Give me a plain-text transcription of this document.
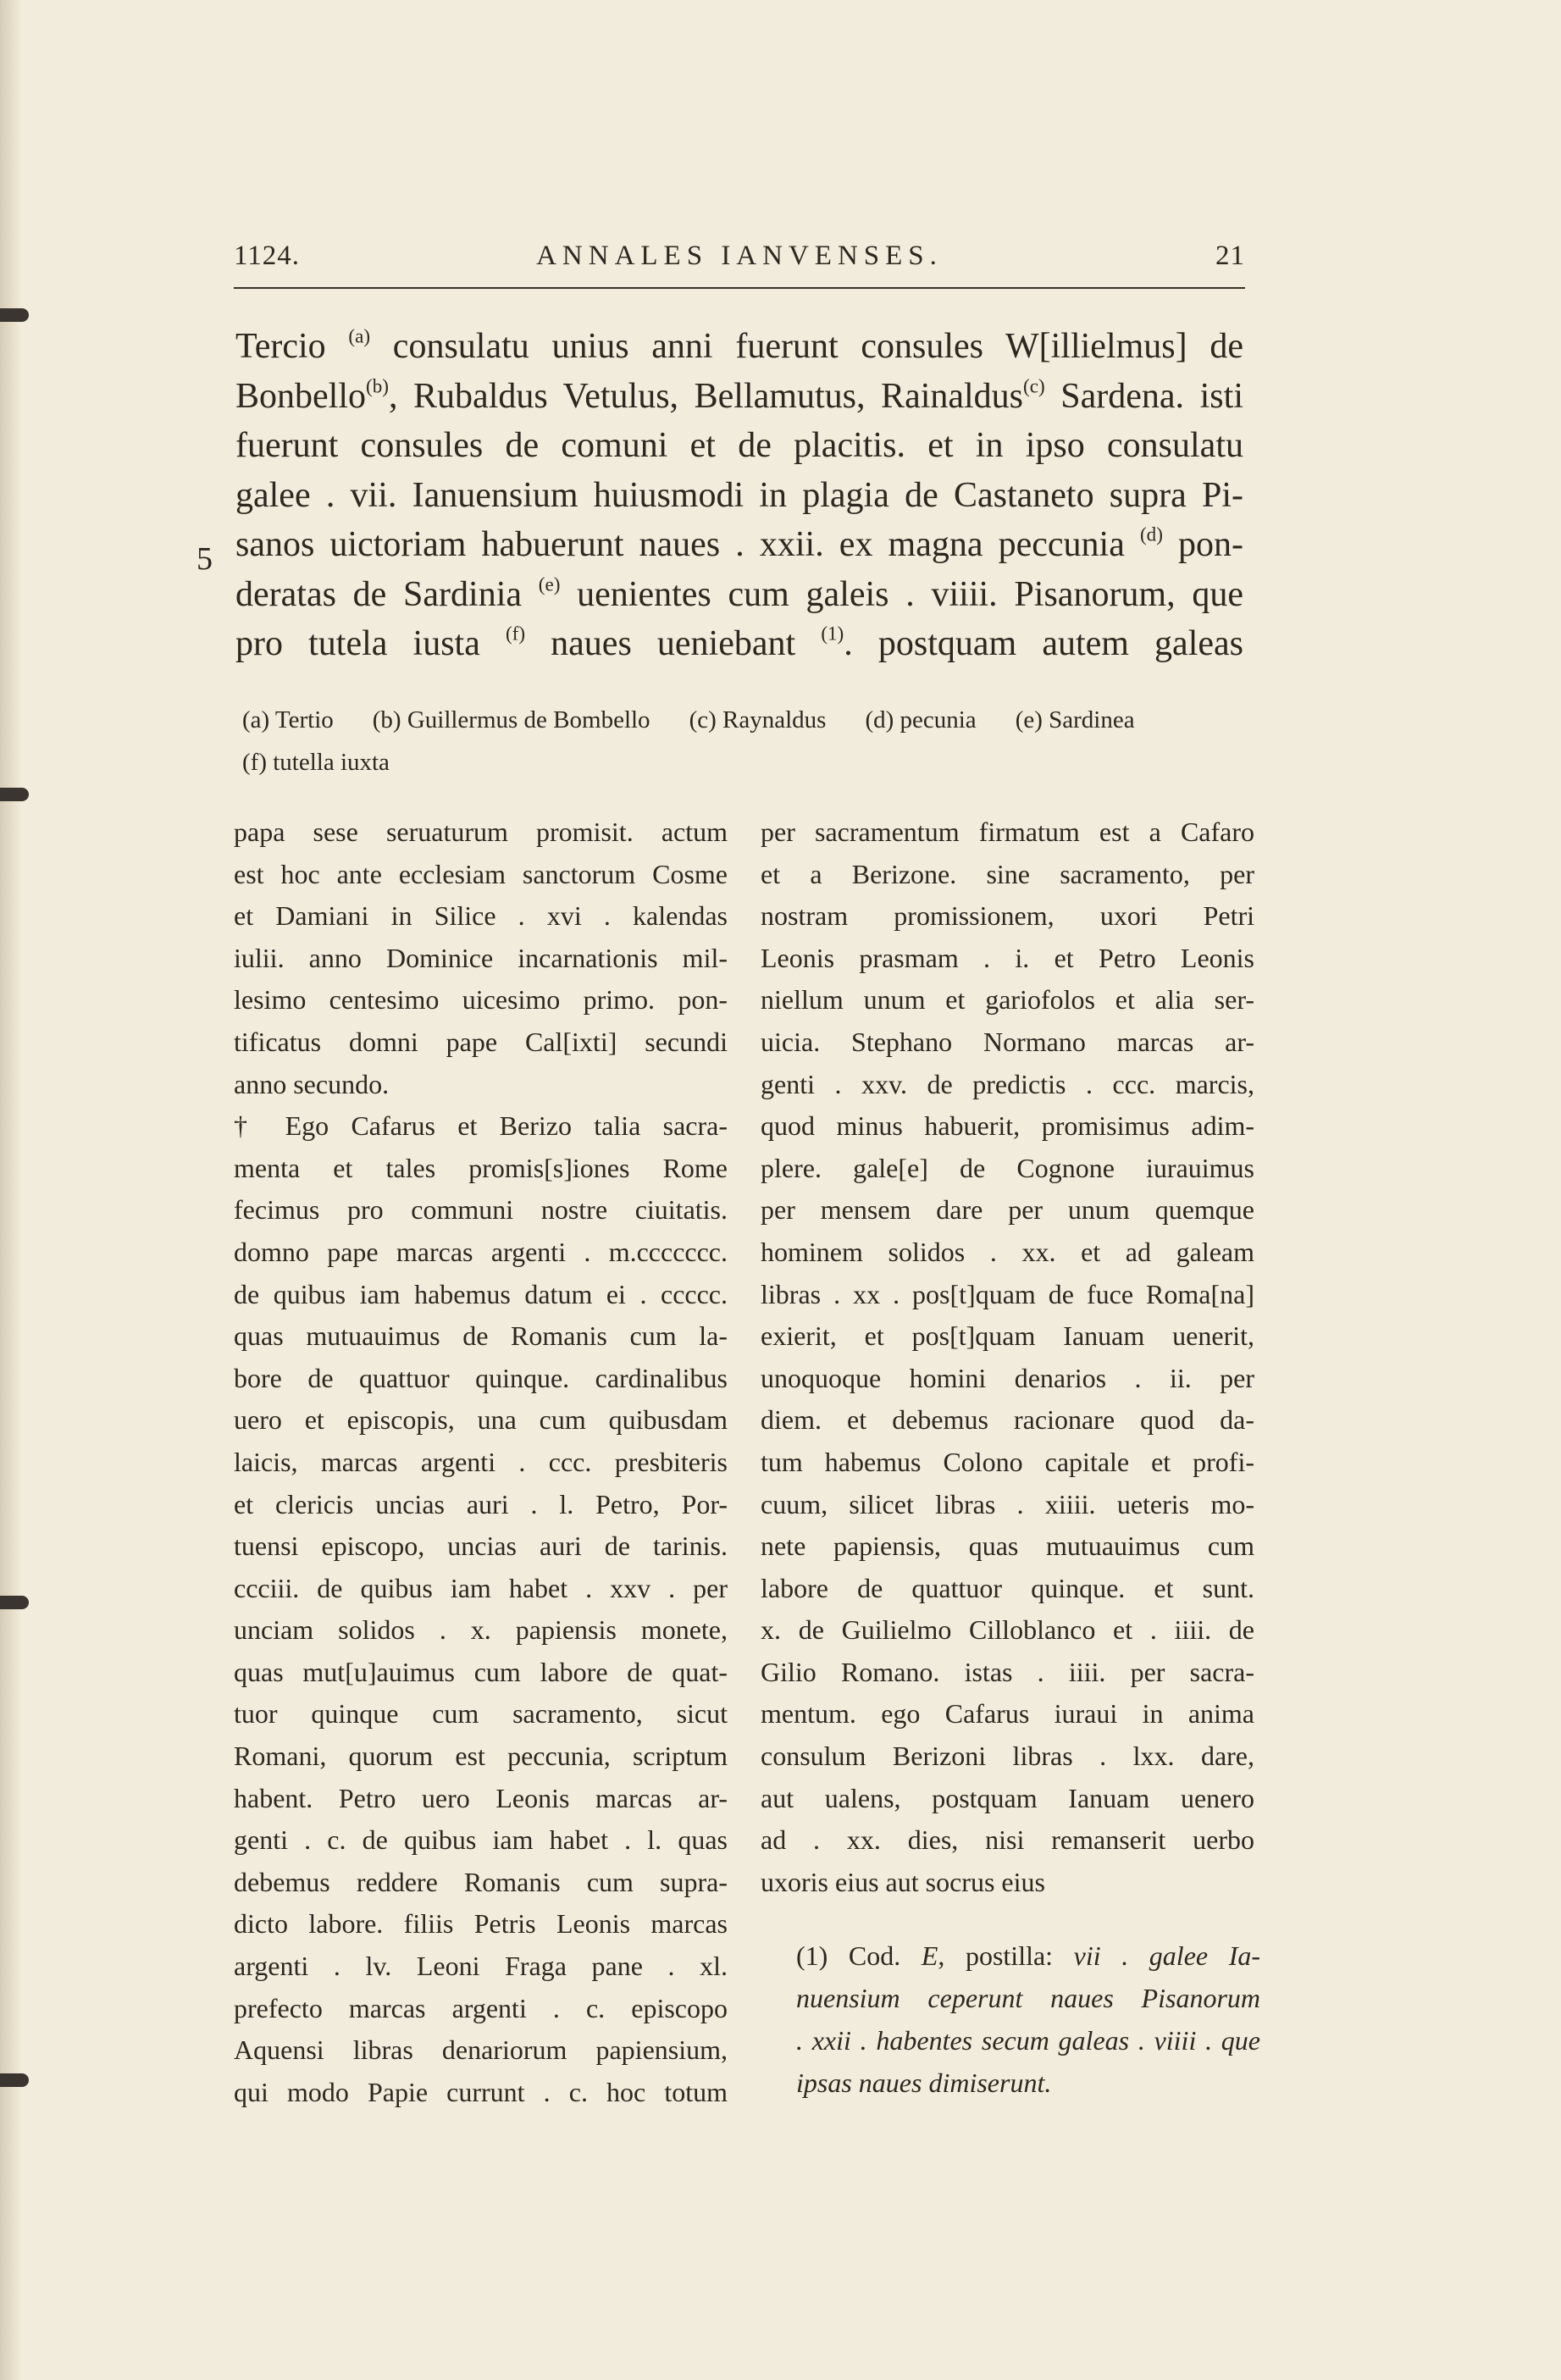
1124.	ANNALES IANVENSES.	21
5
Tercio $^{(a)}$ consulatu unius anni fuerunt consules W[illielmus] de
Bonbello$^{(b)}$, Rubaldus Vetulus, Bellamutus, Rainaldus$^{(c)}$ Sardena. isti
fuerunt consules de comuni et de placitis. et in ipso consulatu
galee . vii. Ianuensium huiusmodi in plagia de Castaneto supra Pi-
sanos uictoriam habuerunt naues . xxii. ex magna peccunia $^{(d)}$ pon-
deratas de Sardinia $^{(e)}$ uenientes cum galeis . viiii. Pisanorum, que
pro tutela iusta $^{(f)}$ naues ueniebant $^{(1)}$. postquam autem galeas
(a) Tertio (b) Guillermus de Bombello (c) Raynaldus (d) pecunia (e) Sardinea
(f) tutella iuxta
papa sese seruaturum promisit. actum
est hoc ante ecclesiam sanctorum Cosme
et Damiani in Silice . xvi . kalendas
iulii. anno Dominice incarnationis mil-
lesimo centesimo uicesimo primo. pon-
tificatus domni pape Cal[ixti] secundi
anno secundo.
† Ego Cafarus et Berizo talia sacra-
menta et tales promis[s]iones Rome
fecimus pro communi nostre ciuitatis.
domno pape marcas argenti . m.ccccccc.
de quibus iam habemus datum ei . ccccc.
quas mutuauimus de Romanis cum la-
bore de quattuor quinque. cardinalibus
uero et episcopis, una cum quibusdam
laicis, marcas argenti . ccc. presbiteris
et clericis uncias auri . l. Petro, Por-
tuensi episcopo, uncias auri de tarinis.
ccciii. de quibus iam habet . xxv . per
unciam solidos . x. papiensis monete,
quas mut[u]auimus cum labore de quat-
tuor quinque cum sacramento, sicut
Romani, quorum est peccunia, scriptum
habent. Petro uero Leonis marcas ar-
genti . c. de quibus iam habet . l. quas
debemus reddere Romanis cum supra-
dicto labore. filiis Petris Leonis marcas
argenti . lv. Leoni Fraga pane . xl.
prefecto marcas argenti . c. episcopo
Aquensi libras denariorum papiensium,
qui modo Papie currunt . c. hoc totum
per sacramentum firmatum est a Cafaro
et a Berizone. sine sacramento, per
nostram promissionem, uxori Petri
Leonis prasmam . i. et Petro Leonis
niellum unum et gariofolos et alia ser-
uicia. Stephano Normano marcas ar-
genti . xxv. de predictis . ccc. marcis,
quod minus habuerit, promisimus adim-
plere. gale[e] de Cognone iurauimus
per mensem dare per unum quemque
hominem solidos . xx. et ad galeam
libras . xx . pos[t]quam de fuce Roma[na]
exierit, et pos[t]quam Ianuam uenerit,
unoquoque homini denarios . ii. per
diem. et debemus racionare quod da-
tum habemus Colono capitale et profi-
cuum, silicet libras . xiiii. ueteris mo-
nete papiensis, quas mutuauimus cum
labore de quattuor quinque. et sunt.
x. de Guilielmo Cilloblanco et . iiii. de
Gilio Romano. istas . iiii. per sacra-
mentum. ego Cafarus iuraui in anima
consulum Berizoni libras . lxx. dare,
aut ualens, postquam Ianuam uenero
ad . xx. dies, nisi remanserit uerbo
uxoris eius aut socrus eius
(1) Cod. E, postilla: vii . galee Ia-
nuensium ceperunt naues Pisanorum
. xxii . habentes secum galeas . viiii . que
ipsas naues dimiserunt.
